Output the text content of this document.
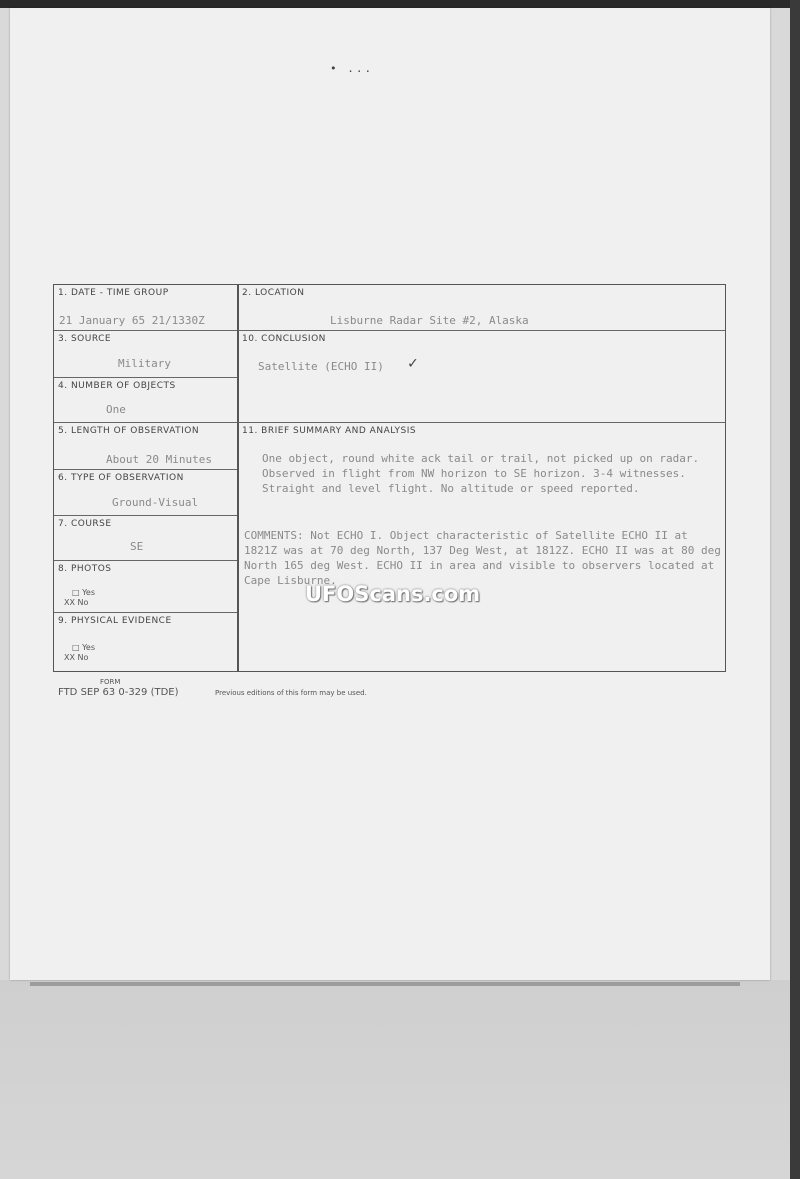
• ...
1. DATE - TIME GROUP
21 January 65 21/1330Z
2. LOCATION
Lisburne Radar Site #2, Alaska
3. SOURCE
Military
4. NUMBER OF OBJECTS
One
10. CONCLUSION
Satellite (ECHO II) ✓
5. LENGTH OF OBSERVATION
About 20 Minutes
6. TYPE OF OBSERVATION
Ground-Visual
7. COURSE
SE
8. PHOTOS
□ Yes
XX No
9. PHYSICAL EVIDENCE
□ Yes
XX No
11. BRIEF SUMMARY AND ANALYSIS
One object, round white ack tail or trail, not picked up on radar. Observed in flight from NW horizon to SE horizon. 3-4 witnesses. Straight and level flight. No altitude or speed reported.
COMMENTS: Not ECHO I. Object characteristic of Satellite ECHO II at 1821Z was at 70 deg North, 137 Deg West, at 1812Z. ECHO II was at 80 deg North 165 deg West. ECHO II in area and visible to observers located at Cape Lisburne.
FORM
FTD SEP 63 0-329 (TDE)	Previous editions of this form may be used.
UFOScans.com
